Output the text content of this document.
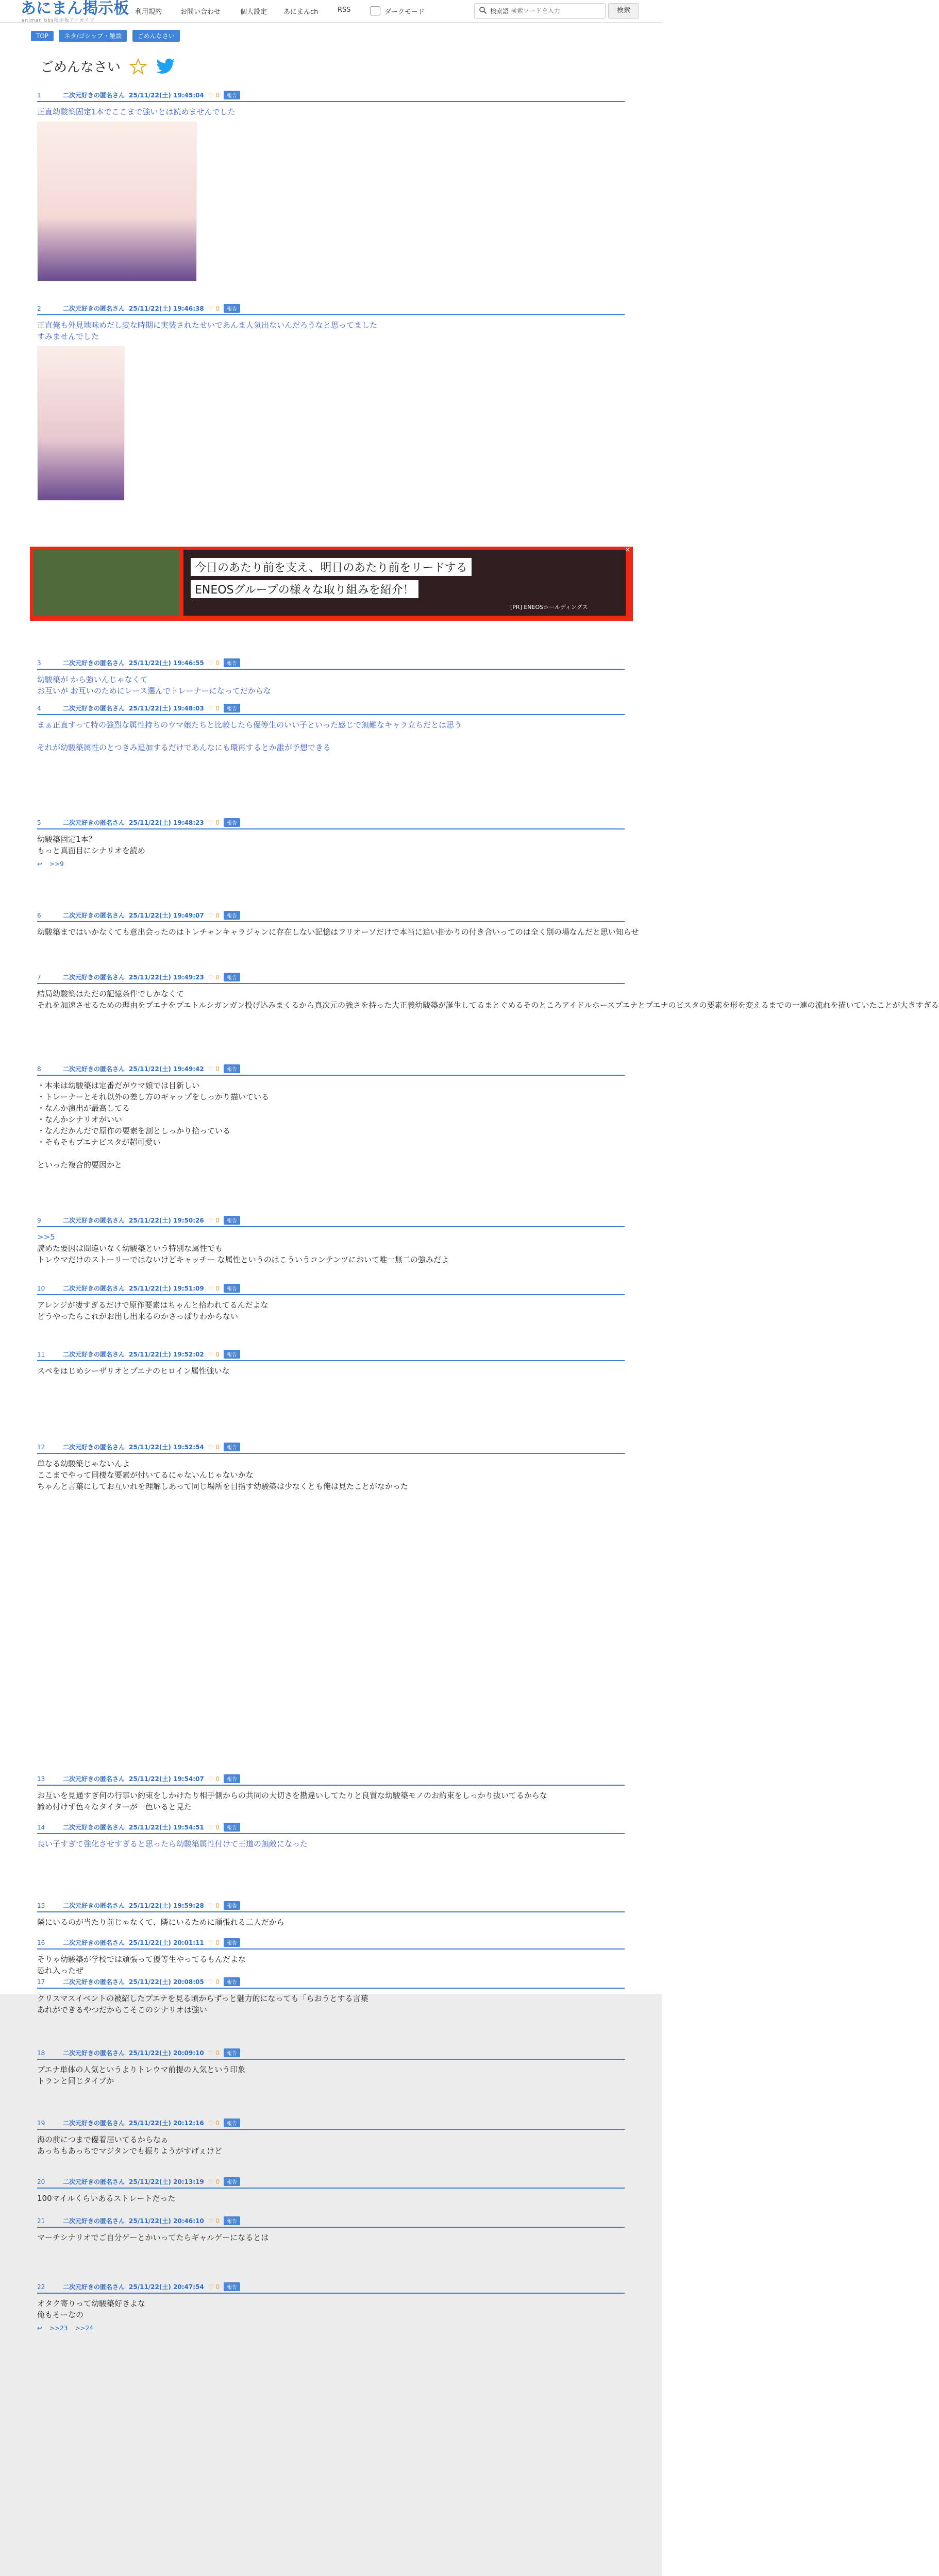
あにまん掲示板
animan bbs掲示板アーカイブ
利用規約	お問い合わせ	個人設定 あにまんch	RSS	ダークモード	検索語
検索ワードを入力	検索
TOP	ネタ/ゴシップ・雑談	ごめんなさい
ごめんなさい
1	二次元好きの匿名さん 25/11/22(土) 19:45:04 ♡ 0 報告
正直幼駿築固定1本でここまで強いとは読めませんでした
2	二次元好きの匿名さん 25/11/22(土) 19:46:38 ♡ 0 報告
正直俺も外見地味めだし変な時期に実装されたせいであんま人気出ないんだろうなと思ってました
すみませんでした
3	二次元好きの匿名さん 25/11/22(土) 19:46:55 ♡ 0 報告
幼駿築が から強いんじゃなくて
お互いが お互いのためにレース選んでトレーナーになってだからな
4	二次元好きの匿名さん 25/11/22(土) 19:48:03 ♡ 0 報告
まぁ正直すって特の強烈な属性持ちのウマ娘たちと比較したら優等生のいい子といった感じで無難なキャラ立ちだとは思う
それが幼駿築属性のとつきみ追加するだけであんなにも環再するとか誰が予想できる
5	二次元好きの匿名さん 25/11/22(土) 19:48:23 ♡ 0 報告
幼駿築固定1本？
もっと真面目にシナリオを読め
↩ >>9
6	二次元好きの匿名さん 25/11/22(土) 19:49:07 ♡ 0 報告
幼駿築まではいかなくても意出会ったのはトレチャンキャラジャンに存在しない記憶はフリオーソだけで本当に追い掛かりの付き合いってのは全く別の場なんだと思い知らせ
7	二次元好きの匿名さん 25/11/22(土) 19:49:23 ♡ 0 報告
結局幼駿築はただの記憶条件でしかなくて
それを加速させるための理由をプエナをプエトルシガンガン投げ込みまくるから真次元の強さを持った大正義幼駿築が誕生してるまとぐめるそのところアイドルホースプエナとプエナのビスタの要素を形を変えるまでの一連の流れを描いていたことが大きすぎる
8	二次元好きの匿名さん 25/11/22(土) 19:49:42 ♡ 0 報告
・本来は幼駿築は定番だがウマ娘では目新しい
・トレーナーとそれ以外の差し方のギャップをしっかり描いている
・なんか演出が最高してる
・なんかシナリオがいい
・なんだかんだで原作の要素を割としっかり拾っている
・そもそもプエナビスタが超可愛い
といった複合的要因かと
9	二次元好きの匿名さん 25/11/22(土) 19:50:26 ♡ 0 報告
>>5
読めた要因は間違いなく幼駿築という特別な属性でも
トレウマだけのストーリーではないけどキャッチー な属性というのはこういうコンテンツにおいて唯一無二の強みだよ
10	二次元好きの匿名さん 25/11/22(土) 19:51:09 ♡ 0 報告
アレンジが凄すぎるだけで原作要素はちゃんと拾われてるんだよな
どうやったらこれがお出し出来るのかさっぱりわからない
11	二次元好きの匿名さん 25/11/22(土) 19:52:02 ♡ 0 報告
スペをはじめシーザリオとプエナのヒロイン属性強いな
12	二次元好きの匿名さん 25/11/22(土) 19:52:54 ♡ 0 報告
単なる幼駿築じゃないんよ
ここまでやって同棲な要素が付いてるにゃないんじゃないかな
ちゃんと言葉にしてお互いれを理解しあって同じ場所を目指す幼駿築は少なくとも俺は見たことがなかった
13	二次元好きの匿名さん 25/11/22(土) 19:54:07 ♡ 0 報告
お互いを見通すぎ何の行事い約束をしかけたり相手側からの共同の大切さを勘違いしてたりと良質な幼駿築モノのお約束をしっかり抜いてるからな
諦め付けず色々なタイターが一色いると見た
14	二次元好きの匿名さん 25/11/22(土) 19:54:51 ♡ 0 報告
良い子すぎて強化させすぎると思ったら幼駿築属性付けて王道の無敵になった
15	二次元好きの匿名さん 25/11/22(土) 19:59:28 ♡ 0 報告
隣にいるのが当たり前じゃなくて、隣にいるために頑張れる二人だから
16	二次元好きの匿名さん 25/11/22(土) 20:01:11 ♡ 0 報告
そりゃ幼駿築が学校では頑張って優等生やってるもんだよな
恐れ入ったぜ
17	二次元好きの匿名さん 25/11/22(土) 20:08:05 ♡ 0 報告
クリスマスイベントの被紹したプエナを見る頃からずっと魅力的になっても「らおうとする言葉
あれができるやつだからこそこのシナリオは強い
18	二次元好きの匿名さん 25/11/22(土) 20:09:10 ♡ 0 報告
プエナ単体の人気というよりトレウマ前提の人気という印象
トランと同じタイプか
19	二次元好きの匿名さん 25/11/22(土) 20:12:16 ♡ 0 報告
海の前につまで優着届いてるからなぁ
あっちもあっちでマジタンでも振りようがすげぇけど
20	二次元好きの匿名さん 25/11/22(土) 20:13:19 ♡ 0 報告
100マイルくらいあるストレートだった
21	二次元好きの匿名さん 25/11/22(土) 20:46:10 ♡ 0 報告
マーチシナリオでご自分ゲーとかいってたらギャルゲーになるとは
22	二次元好きの匿名さん 25/11/22(土) 20:47:54 ♡ 0 報告
オタク寄りって幼駿築好きよな
俺もそーなの
↩ >>23 >>24
今日のあたり前を支え、明日のあたり前をリードする
ENEOSグループの様々な取り組みを紹介！
[PR] ENEOSホールディングス
×
